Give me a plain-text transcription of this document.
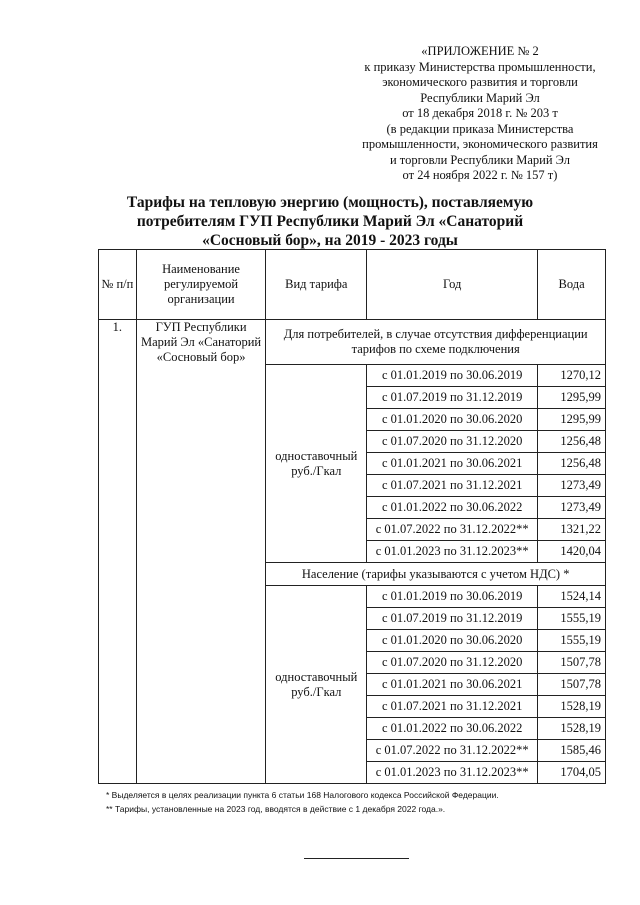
«ПРИЛОЖЕНИЕ № 2
к приказу Министерства промышленности,
экономического развития и торговли
Республики Марий Эл
от 18 декабря 2018 г. № 203 т
(в редакции приказа Министерства
промышленности, экономического развития
и торговли Республики Марий Эл
от 24 ноября 2022 г. № 157 т)
Тарифы на тепловую энергию (мощность), поставляемую
потребителям ГУП Республики Марий Эл «Санаторий
«Сосновый бор», на 2019 - 2023 годы
№ п/п	Наименование регулируемой организации	Вид тарифа	Год	Вода
1.	ГУП Республики Марий Эл «Санаторий «Сосновый бор»	Для потребителей, в случае отсутствия дифференциации тарифов по схеме подключения		
		одноставочный руб./Гкал	с 01.01.2019 по 30.06.2019	1270,12
			с 01.07.2019 по 31.12.2019	1295,99
			с 01.01.2020 по 30.06.2020	1295,99
			с 01.07.2020 по 31.12.2020	1256,48
			с 01.01.2021 по 30.06.2021	1256,48
			с 01.07.2021 по 31.12.2021	1273,49
			с 01.01.2022 по 30.06.2022	1273,49
			с 01.07.2022 по 31.12.2022**	1321,22
			с 01.01.2023 по 31.12.2023**	1420,04
		Население (тарифы указываются с учетом НДС) *		
		одноставочный руб./Гкал	с 01.01.2019 по 30.06.2019	1524,14
			с 01.07.2019 по 31.12.2019	1555,19
			с 01.01.2020 по 30.06.2020	1555,19
			с 01.07.2020 по 31.12.2020	1507,78
			с 01.01.2021 по 30.06.2021	1507,78
			с 01.07.2021 по 31.12.2021	1528,19
			с 01.01.2022 по 30.06.2022	1528,19
			с 01.07.2022 по 31.12.2022**	1585,46
			с 01.01.2023 по 31.12.2023**	1704,05
* Выделяется в целях реализации пункта 6 статьи 168 Налогового кодекса Российской Федерации.
** Тарифы, установленные на 2023 год, вводятся в действие с 1 декабря 2022 года.».
